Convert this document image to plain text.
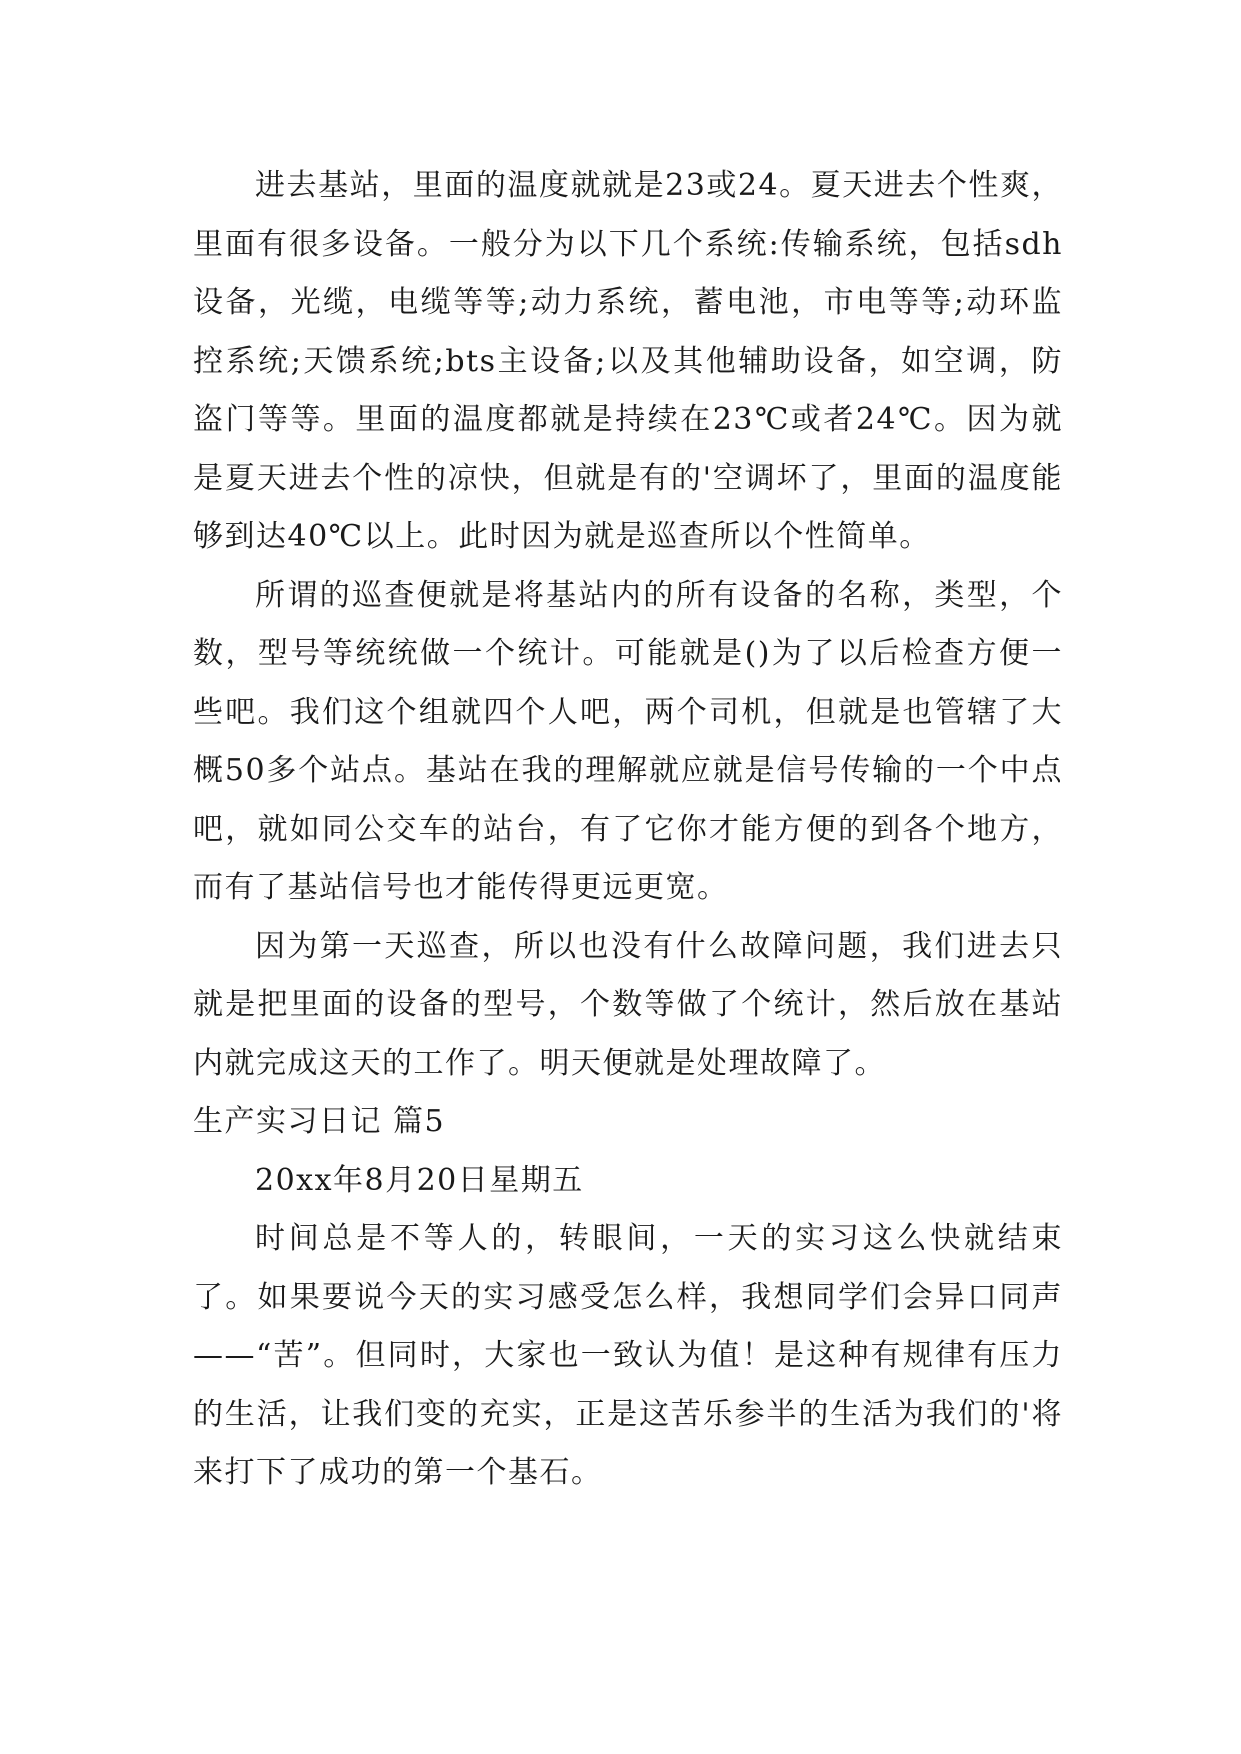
进去基站，里面的温度就就是23或24。夏天进去个性爽，里面有很多设备。一般分为以下几个系统:传输系统，包括sdh设备，光缆，电缆等等;动力系统，蓄电池，市电等等;动环监控系统;天馈系统;bts主设备;以及其他辅助设备，如空调，防盗门等等。里面的温度都就是持续在23℃或者24℃。因为就是夏天进去个性的凉快，但就是有的'空调坏了，里面的温度能够到达40℃以上。此时因为就是巡查所以个性简单。

所谓的巡查便就是将基站内的所有设备的名称，类型，个数，型号等统统做一个统计。可能就是()为了以后检查方便一些吧。我们这个组就四个人吧，两个司机，但就是也管辖了大概50多个站点。基站在我的理解就应就是信号传输的一个中点吧，就如同公交车的站台，有了它你才能方便的到各个地方，而有了基站信号也才能传得更远更宽。

因为第一天巡查，所以也没有什么故障问题，我们进去只就是把里面的设备的型号，个数等做了个统计，然后放在基站内就完成这天的工作了。明天便就是处理故障了。

生产实习日记 篇5

20xx年8月20日星期五

时间总是不等人的，转眼间，一天的实习这么快就结束了。如果要说今天的实习感受怎么样，我想同学们会异口同声——“苦”。但同时，大家也一致认为值！是这种有规律有压力的生活，让我们变的充实，正是这苦乐参半的生活为我们的'将来打下了成功的第一个基石。
